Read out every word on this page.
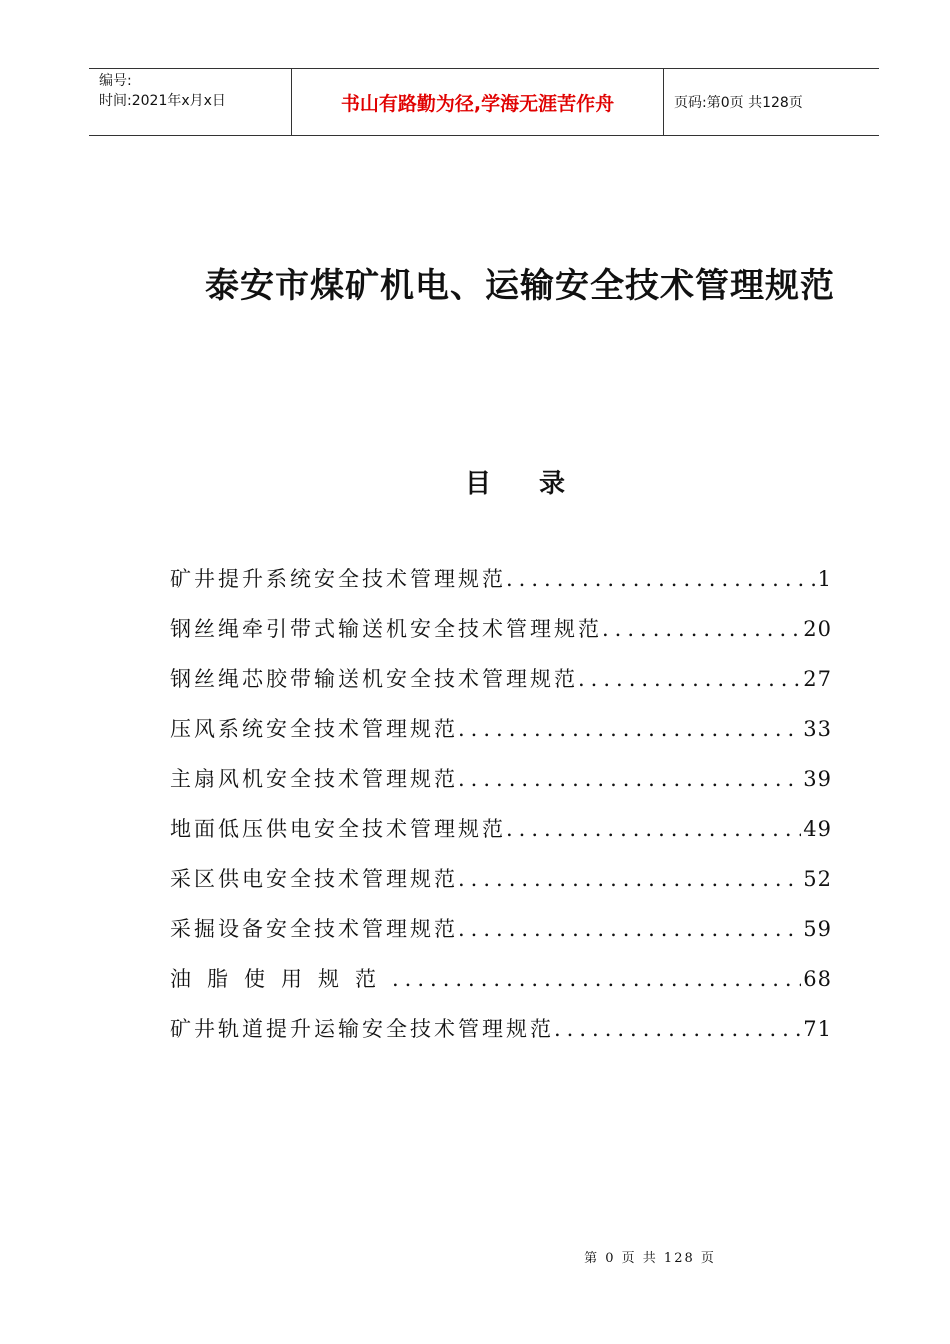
编号:
时间:2021年x月x日	书山有路勤为径,学海无涯苦作舟	页码:第0页 共128页
泰安市煤矿机电、运输安全技术管理规范
目 录
矿井提升系统安全技术管理规范 .....	1
钢丝绳牵引带式输送机安全技术管理规范 .....	20
钢丝绳芯胶带输送机安全技术管理规范 .....	27
压风系统安全技术管理规范 .....	33
主扇风机安全技术管理规范 .....	39
地面低压供电安全技术管理规范 .....	49
采区供电安全技术管理规范 .....	52
采掘设备安全技术管理规范 .....	59
油脂使用规范 .....	68
矿井轨道提升运输安全技术管理规范 .....	71
第 0 页 共 128 页
